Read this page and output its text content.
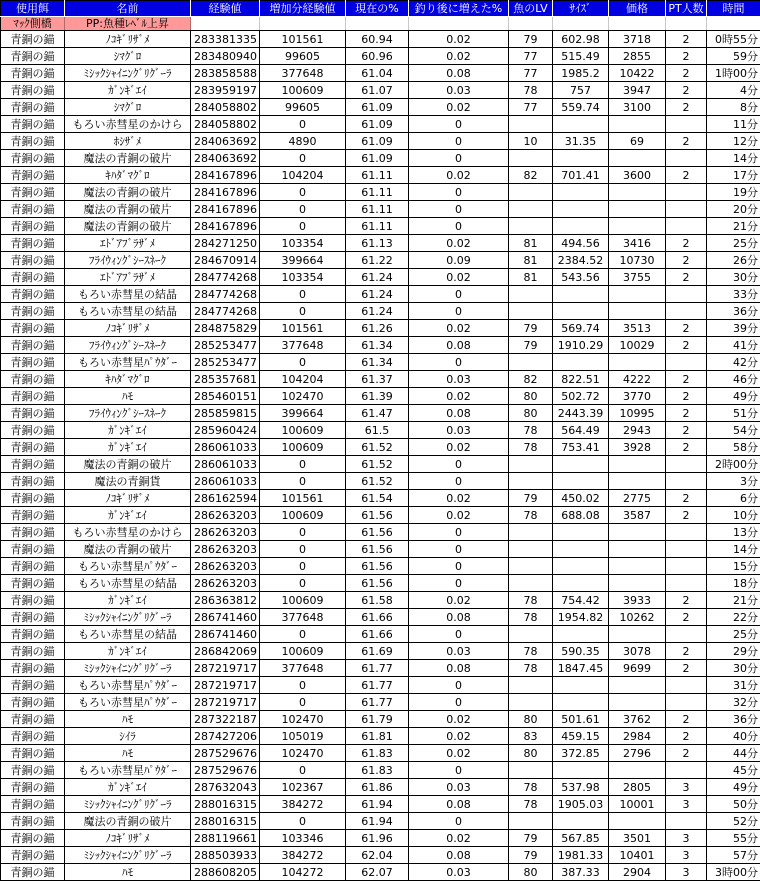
使用餌	名前	経験値	増加分経験値	現在の%	釣り後に増えた%	魚のLV	ｻｲｽﾞ	価格	PT人数	時間
ﾏｯｸ側橋	PP:魚種ﾚﾍﾞﾙ上昇									
青銅の錨	ﾉｺｷﾞﾘｻﾞﾒ	283381335	101561	60.94	0.02	79	602.98	3718	2	0時55分
青銅の錨	ｼﾏｸﾞﾛ	283480940	99605	60.96	0.02	77	515.49	2855	2	59分
青銅の錨	ﾐｼｯｸｼｬｲﾆﾝｸﾞﾘｸﾞｰﾗ	283858588	377648	61.04	0.08	77	1985.2	10422	2	1時00分
青銅の錨	ｶﾞﾝｷﾞｴｲ	283959197	100609	61.07	0.03	78	757	3947	2	4分
青銅の錨	ｼﾏｸﾞﾛ	284058802	99605	61.09	0.02	77	559.74	3100	2	8分
青銅の錨	もろい赤彗星のかけら	284058802	0	61.09	0					11分
青銅の錨	ﾎｼｻﾞﾒ	284063692	4890	61.09	0	10	31.35	69	2	12分
青銅の錨	魔法の青銅の破片	284063692	0	61.09	0					14分
青銅の錨	ｷﾊﾀﾞﾏｸﾞﾛ	284167896	104204	61.11	0.02	82	701.41	3600	2	17分
青銅の錨	魔法の青銅の破片	284167896	0	61.11	0					19分
青銅の錨	魔法の青銅の破片	284167896	0	61.11	0					20分
青銅の錨	魔法の青銅の破片	284167896	0	61.11	0					21分
青銅の錨	ｴﾄﾞｱﾌﾞﾗｻﾞﾒ	284271250	103354	61.13	0.02	81	494.56	3416	2	25分
青銅の錨	ﾌﾗｲｳｨﾝｸﾞｼｰｽﾈｰｸ	284670914	399664	61.22	0.09	81	2384.52	10730	2	26分
青銅の錨	ｴﾄﾞｱﾌﾞﾗｻﾞﾒ	284774268	103354	61.24	0.02	81	543.56	3755	2	30分
青銅の錨	もろい赤彗星の結晶	284774268	0	61.24	0					33分
青銅の錨	もろい赤彗星の結晶	284774268	0	61.24	0					36分
青銅の錨	ﾉｺｷﾞﾘｻﾞﾒ	284875829	101561	61.26	0.02	79	569.74	3513	2	39分
青銅の錨	ﾌﾗｲｳｨﾝｸﾞｼｰｽﾈｰｸ	285253477	377648	61.34	0.08	79	1910.29	10029	2	41分
青銅の錨	もろい赤彗星ﾊﾟｳﾀﾞｰ	285253477	0	61.34	0					42分
青銅の錨	ｷﾊﾀﾞﾏｸﾞﾛ	285357681	104204	61.37	0.03	82	822.51	4222	2	46分
青銅の錨	ﾊﾓ	285460151	102470	61.39	0.02	80	502.72	3770	2	49分
青銅の錨	ﾌﾗｲｳｨﾝｸﾞｼｰｽﾈｰｸ	285859815	399664	61.47	0.08	80	2443.39	10995	2	51分
青銅の錨	ｶﾞﾝｷﾞｴｲ	285960424	100609	61.5	0.03	78	564.49	2943	2	54分
青銅の錨	ｶﾞﾝｷﾞｴｲ	286061033	100609	61.52	0.02	78	753.41	3928	2	58分
青銅の錨	魔法の青銅の破片	286061033	0	61.52	0					2時00分
青銅の錨	魔法の青銅貨	286061033	0	61.52	0					3分
青銅の錨	ﾉｺｷﾞﾘｻﾞﾒ	286162594	101561	61.54	0.02	79	450.02	2775	2	6分
青銅の錨	ｶﾞﾝｷﾞｴｲ	286263203	100609	61.56	0.02	78	688.08	3587	2	10分
青銅の錨	もろい赤彗星のかけら	286263203	0	61.56	0					13分
青銅の錨	魔法の青銅の破片	286263203	0	61.56	0					14分
青銅の錨	もろい赤彗星ﾊﾟｳﾀﾞｰ	286263203	0	61.56	0					15分
青銅の錨	もろい赤彗星の結晶	286263203	0	61.56	0					18分
青銅の錨	ｶﾞﾝｷﾞｴｲ	286363812	100609	61.58	0.02	78	754.42	3933	2	21分
青銅の錨	ﾐｼｯｸｼｬｲﾆﾝｸﾞﾘｸﾞｰﾗ	286741460	377648	61.66	0.08	78	1954.82	10262	2	22分
青銅の錨	もろい赤彗星の結晶	286741460	0	61.66	0					25分
青銅の錨	ｶﾞﾝｷﾞｴｲ	286842069	100609	61.69	0.03	78	590.35	3078	2	29分
青銅の錨	ﾐｼｯｸｼｬｲﾆﾝｸﾞﾘｸﾞｰﾗ	287219717	377648	61.77	0.08	78	1847.45	9699	2	30分
青銅の錨	もろい赤彗星ﾊﾟｳﾀﾞｰ	287219717	0	61.77	0					31分
青銅の錨	もろい赤彗星ﾊﾟｳﾀﾞｰ	287219717	0	61.77	0					32分
青銅の錨	ﾊﾓ	287322187	102470	61.79	0.02	80	501.61	3762	2	36分
青銅の錨	ｼｲﾗ	287427206	105019	61.81	0.02	83	459.15	2984	2	40分
青銅の錨	ﾊﾓ	287529676	102470	61.83	0.02	80	372.85	2796	2	44分
青銅の錨	もろい赤彗星ﾊﾟｳﾀﾞｰ	287529676	0	61.83	0					45分
青銅の錨	ｶﾞﾝｷﾞｴｲ	287632043	102367	61.86	0.03	78	537.98	2805	3	49分
青銅の錨	ﾐｼｯｸｼｬｲﾆﾝｸﾞﾘｸﾞｰﾗ	288016315	384272	61.94	0.08	78	1905.03	10001	3	50分
青銅の錨	魔法の青銅の破片	288016315	0	61.94	0					52分
青銅の錨	ﾉｺｷﾞﾘｻﾞﾒ	288119661	103346	61.96	0.02	79	567.85	3501	3	55分
青銅の錨	ﾐｼｯｸｼｬｲﾆﾝｸﾞﾘｸﾞｰﾗ	288503933	384272	62.04	0.08	79	1981.33	10401	3	57分
青銅の錨	ﾊﾓ	288608205	104272	62.07	0.03	80	387.33	2904	3	3時00分
